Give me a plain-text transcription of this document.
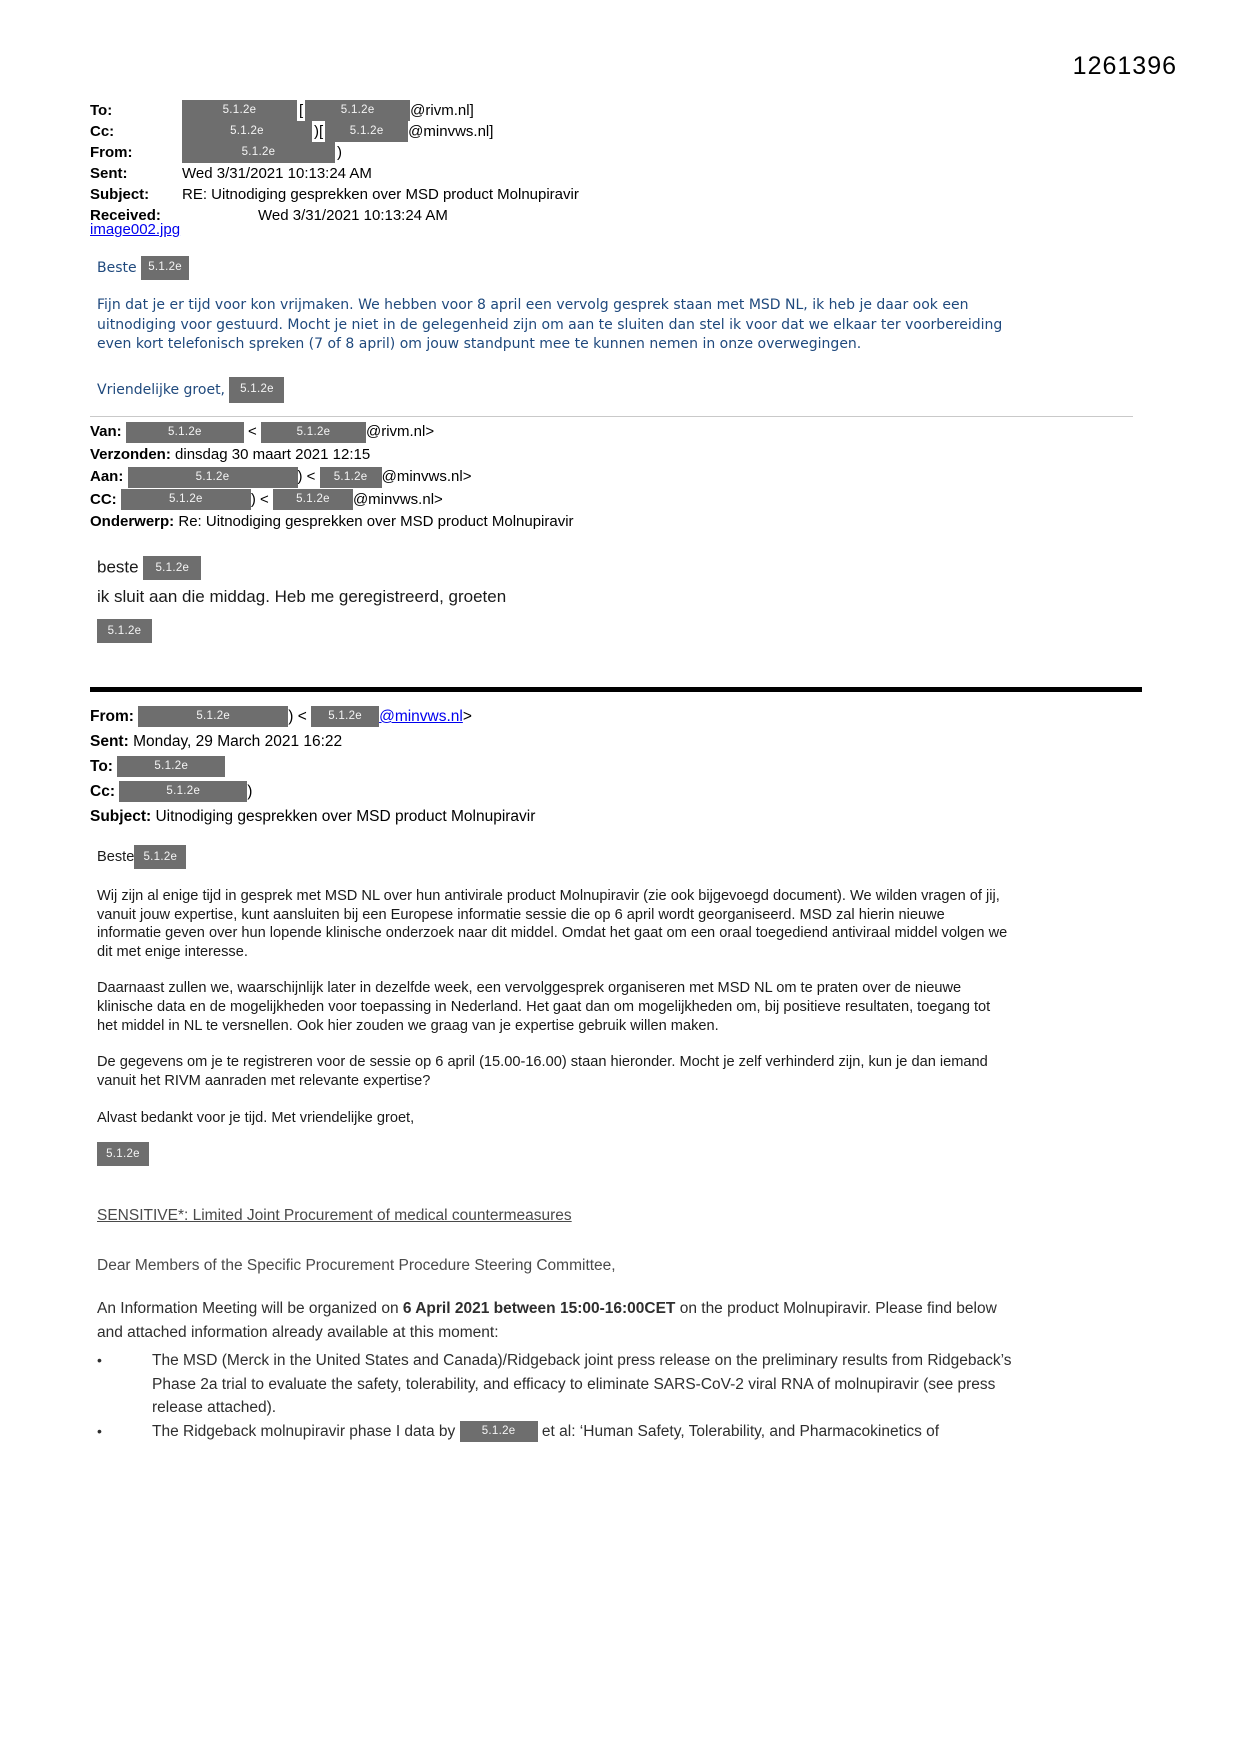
1261396
To:	5.1.2e	[	5.1.2e @rivm.nl]
Cc:	5.1.2e	)[ 5.1.2e @minvws.nl]
From:	5.1.2e	)
Sent:	Wed 3/31/2021 10:13:24 AM
Subject: RE: Uitnodiging gesprekken over MSD product Molnupiravir
Received:	Wed 3/31/2021 10:13:24 AM
image002.jpg
Beste 5.1.2e
Fijn dat je er tijd voor kon vrijmaken. We hebben voor 8 april een vervolg gesprek staan met MSD NL, ik heb je daar ook een uitnodiging voor gestuurd. Mocht je niet in de gelegenheid zijn om aan te sluiten dan stel ik voor dat we elkaar ter voorbereiding even kort telefonisch spreken (7 of 8 april) om jouw standpunt mee te kunnen nemen in onze overwegingen.
Vriendelijke groet, 5.1.2e
Van:	5.1.2e	<	5.1.2e @rivm.nl>
Verzonden: dinsdag 30 maart 2021 12:15
Aan:	5.1.2e	) < 5.1.2e @minvws.nl>
CC:	5.1.2e	) < 5.1.2e @minvws.nl>
Onderwerp: Re: Uitnodiging gesprekken over MSD product Molnupiravir
beste 5.1.2e
ik sluit aan die middag. Heb me geregistreerd, groeten
5.1.2e
From:	5.1.2e	) < 5.1.2e @minvws.nl>
Sent: Monday, 29 March 2021 16:22
To:	5.1.2e
Cc:	5.1.2e	)
Subject: Uitnodiging gesprekken over MSD product Molnupiravir
Beste 5.1.2e

Wij zijn al enige tijd in gesprek met MSD NL over hun antivirale product Molnupiravir (zie ook bijgevoegd document). We wilden vragen of jij, vanuit jouw expertise, kunt aansluiten bij een Europese informatie sessie die op 6 april wordt georganiseerd. MSD zal hierin nieuwe informatie geven over hun lopende klinische onderzoek naar dit middel. Omdat het gaat om een oraal toegediend antiviraal middel volgen we dit met enige interesse.

Daarnaast zullen we, waarschijnlijk later in dezelfde week, een vervolggesprek organiseren met MSD NL om te praten over de nieuwe klinische data en de mogelijkheden voor toepassing in Nederland. Het gaat dan om mogelijkheden om, bij positieve resultaten, toegang tot het middel in NL te versnellen. Ook hier zouden we graag van je expertise gebruik willen maken.

De gegevens om je te registreren voor de sessie op 6 april (15.00-16.00) staan hieronder. Mocht je zelf verhinderd zijn, kun je dan iemand vanuit het RIVM aanraden met relevante expertise?

Alvast bedankt voor je tijd. Met vriendelijke groet,

5.1.2e
SENSITIVE*: Limited Joint Procurement of medical countermeasures
Dear Members of the Specific Procurement Procedure Steering Committee,
An Information Meeting will be organized on 6 April 2021 between 15:00-16:00CET on the product Molnupiravir. Please find below and attached information already available at this moment:
•	The MSD (Merck in the United States and Canada)/Ridgeback joint press release on the preliminary results from Ridgeback’s Phase 2a trial to evaluate the safety, tolerability, and efficacy to eliminate SARS-CoV-2 viral RNA of molnupiravir (see press release attached).
•	The Ridgeback molnupiravir phase I data by 5.1.2e et al: ‘Human Safety, Tolerability, and Pharmacokinetics of
